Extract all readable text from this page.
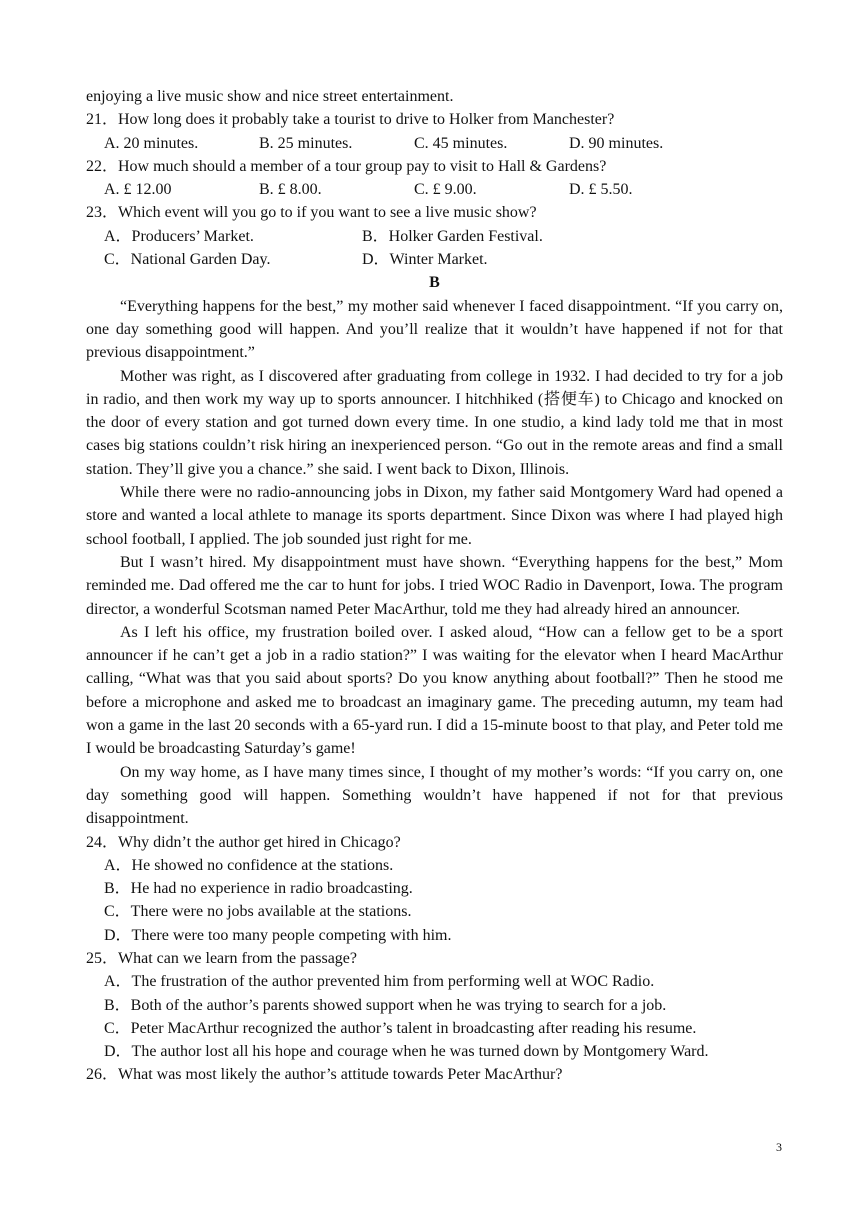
enjoying a live music show and nice street entertainment.
21．How long does it probably take a tourist to drive to Holker from Manchester?
A. 20 minutes.	B. 25 minutes.	C. 45 minutes.	D. 90 minutes.
22．How much should a member of a tour group pay to visit to Hall & Gardens?
A. £ 12.00	B. £ 8.00.	C. £ 9.00.	D. £ 5.50.
23．Which event will you go to if you want to see a live music show?
A．Producers’ Market.	B．Holker Garden Festival.
C．National Garden Day.	D．Winter Market.
B

“Everything happens for the best,” my mother said whenever I faced disappointment. “If you carry on, one day something good will happen. And you’ll realize that it wouldn’t have happened if not for that previous disappointment.”

Mother was right, as I discovered after graduating from college in 1932. I had decided to try for a job in radio, and then work my way up to sports announcer. I hitchhiked (搭便车) to Chicago and knocked on the door of every station and got turned down every time. In one studio, a kind lady told me that in most cases big stations couldn’t risk hiring an inexperienced person. “Go out in the remote areas and find a small station. They’ll give you a chance.” she said. I went back to Dixon, Illinois.

While there were no radio-announcing jobs in Dixon, my father said Montgomery Ward had opened a store and wanted a local athlete to manage its sports department. Since Dixon was where I had played high school football, I applied. The job sounded just right for me.

But I wasn’t hired. My disappointment must have shown. “Everything happens for the best,” Mom reminded me. Dad offered me the car to hunt for jobs. I tried WOC Radio in Davenport, Iowa. The program director, a wonderful Scotsman named Peter MacArthur, told me they had already hired an announcer.

As I left his office, my frustration boiled over. I asked aloud, “How can a fellow get to be a sport announcer if he can’t get a job in a radio station?” I was waiting for the elevator when I heard MacArthur calling, “What was that you said about sports? Do you know anything about football?” Then he stood me before a microphone and asked me to broadcast an imaginary game. The preceding autumn, my team had won a game in the last 20 seconds with a 65-yard run. I did a 15-minute boost to that play, and Peter told me I would be broadcasting Saturday’s game!

On my way home, as I have many times since, I thought of my mother’s words: “If you carry on, one day something good will happen. Something wouldn’t have happened if not for that previous disappointment.

24．Why didn’t the author get hired in Chicago?
A．He showed no confidence at the stations.
B．He had no experience in radio broadcasting.
C．There were no jobs available at the stations.
D．There were too many people competing with him.
25．What can we learn from the passage?
A．The frustration of the author prevented him from performing well at WOC Radio.
B．Both of the author’s parents showed support when he was trying to search for a job.
C．Peter MacArthur recognized the author’s talent in broadcasting after reading his resume.
D．The author lost all his hope and courage when he was turned down by Montgomery Ward.
26．What was most likely the author’s attitude towards Peter MacArthur?
3
